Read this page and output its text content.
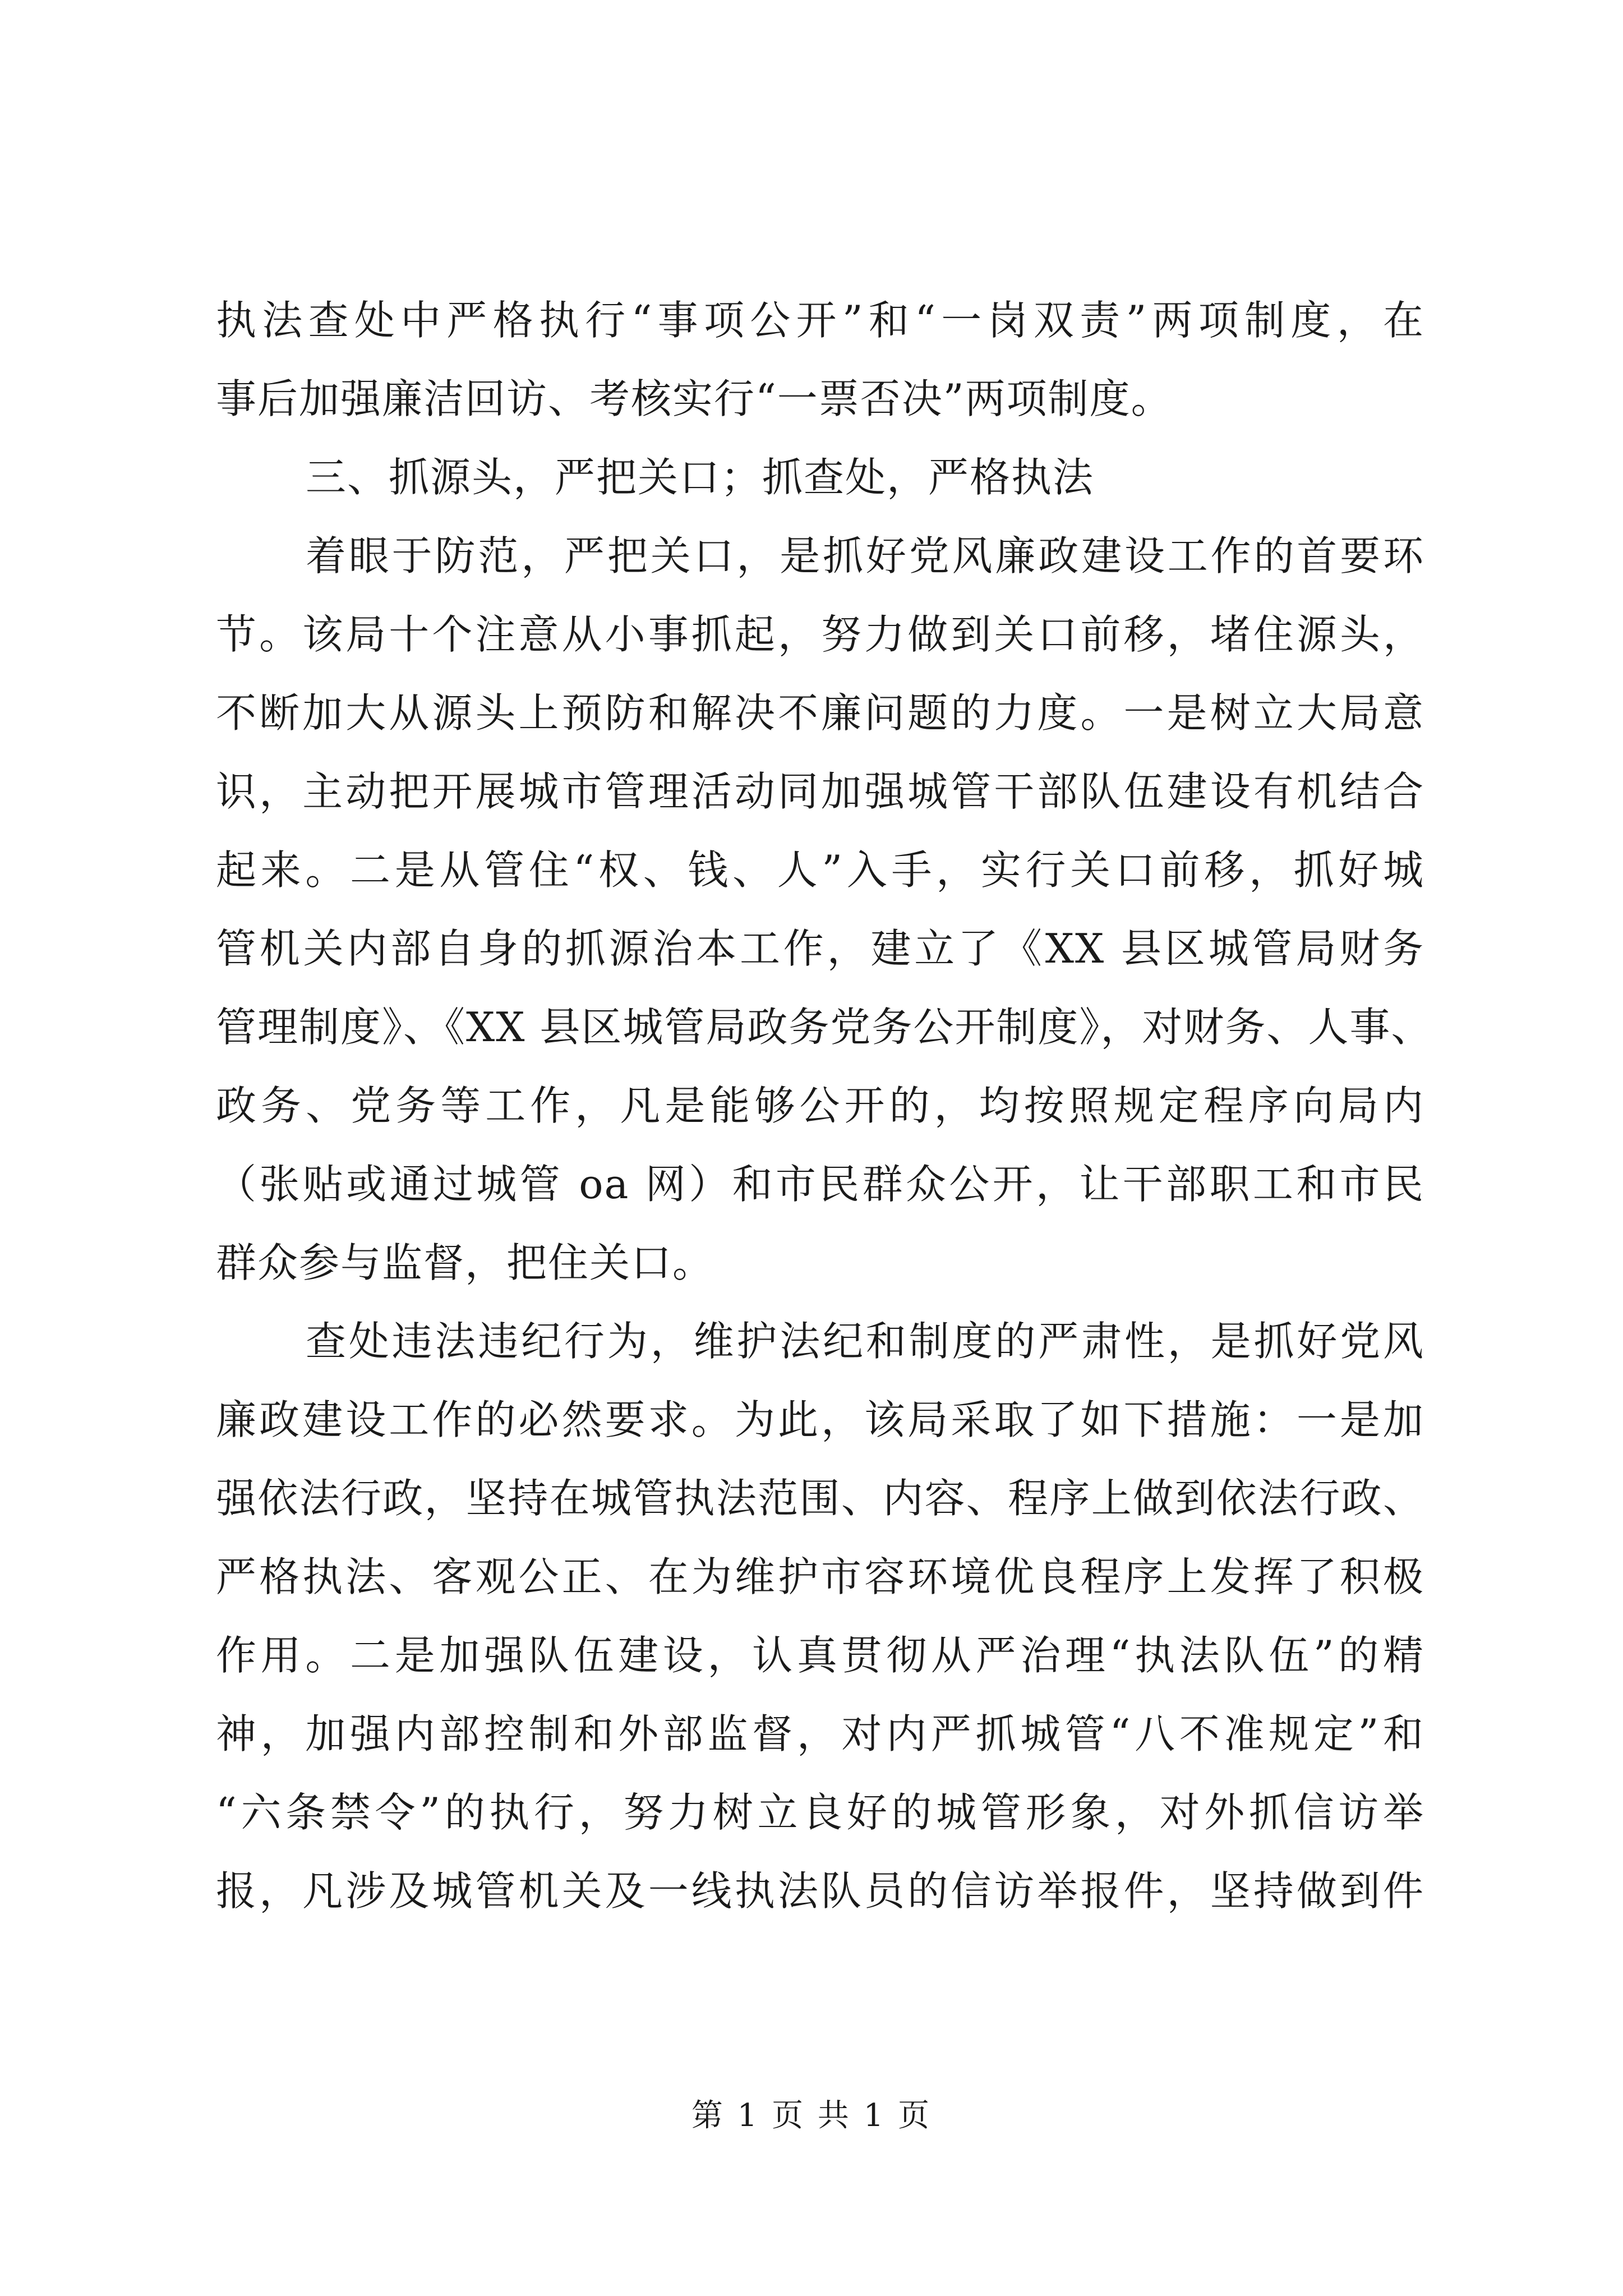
执法查处中严格执行“事项公开”和“一岗双责”两项制度，在
事后加强廉洁回访、考核实行“一票否决”两项制度。
三、抓源头，严把关口；抓查处，严格执法
着眼于防范，严把关口，是抓好党风廉政建设工作的首要环
节。该局十个注意从小事抓起，努力做到关口前移，堵住源头，
不断加大从源头上预防和解决不廉问题的力度。一是树立大局意
识，主动把开展城市管理活动同加强城管干部队伍建设有机结合
起来。二是从管住“权、钱、人”入手，实行关口前移，抓好城
管机关内部自身的抓源治本工作，建立了《XX 县区城管局财务
管理制度》、《XX 县区城管局政务党务公开制度》，对财务、人事、
政务、党务等工作，凡是能够公开的，均按照规定程序向局内
（张贴或通过城管 oa 网）和市民群众公开，让干部职工和市民
群众参与监督，把住关口。
查处违法违纪行为，维护法纪和制度的严肃性，是抓好党风
廉政建设工作的必然要求。为此，该局采取了如下措施：一是加
强依法行政，坚持在城管执法范围、内容、程序上做到依法行政、
严格执法、客观公正、在为维护市容环境优良程序上发挥了积极
作用。二是加强队伍建设，认真贯彻从严治理“执法队伍”的精
神，加强内部控制和外部监督，对内严抓城管“八不准规定”和
“六条禁令”的执行，努力树立良好的城管形象，对外抓信访举
报，凡涉及城管机关及一线执法队员的信访举报件，坚持做到件
第 1 页 共 1 页
